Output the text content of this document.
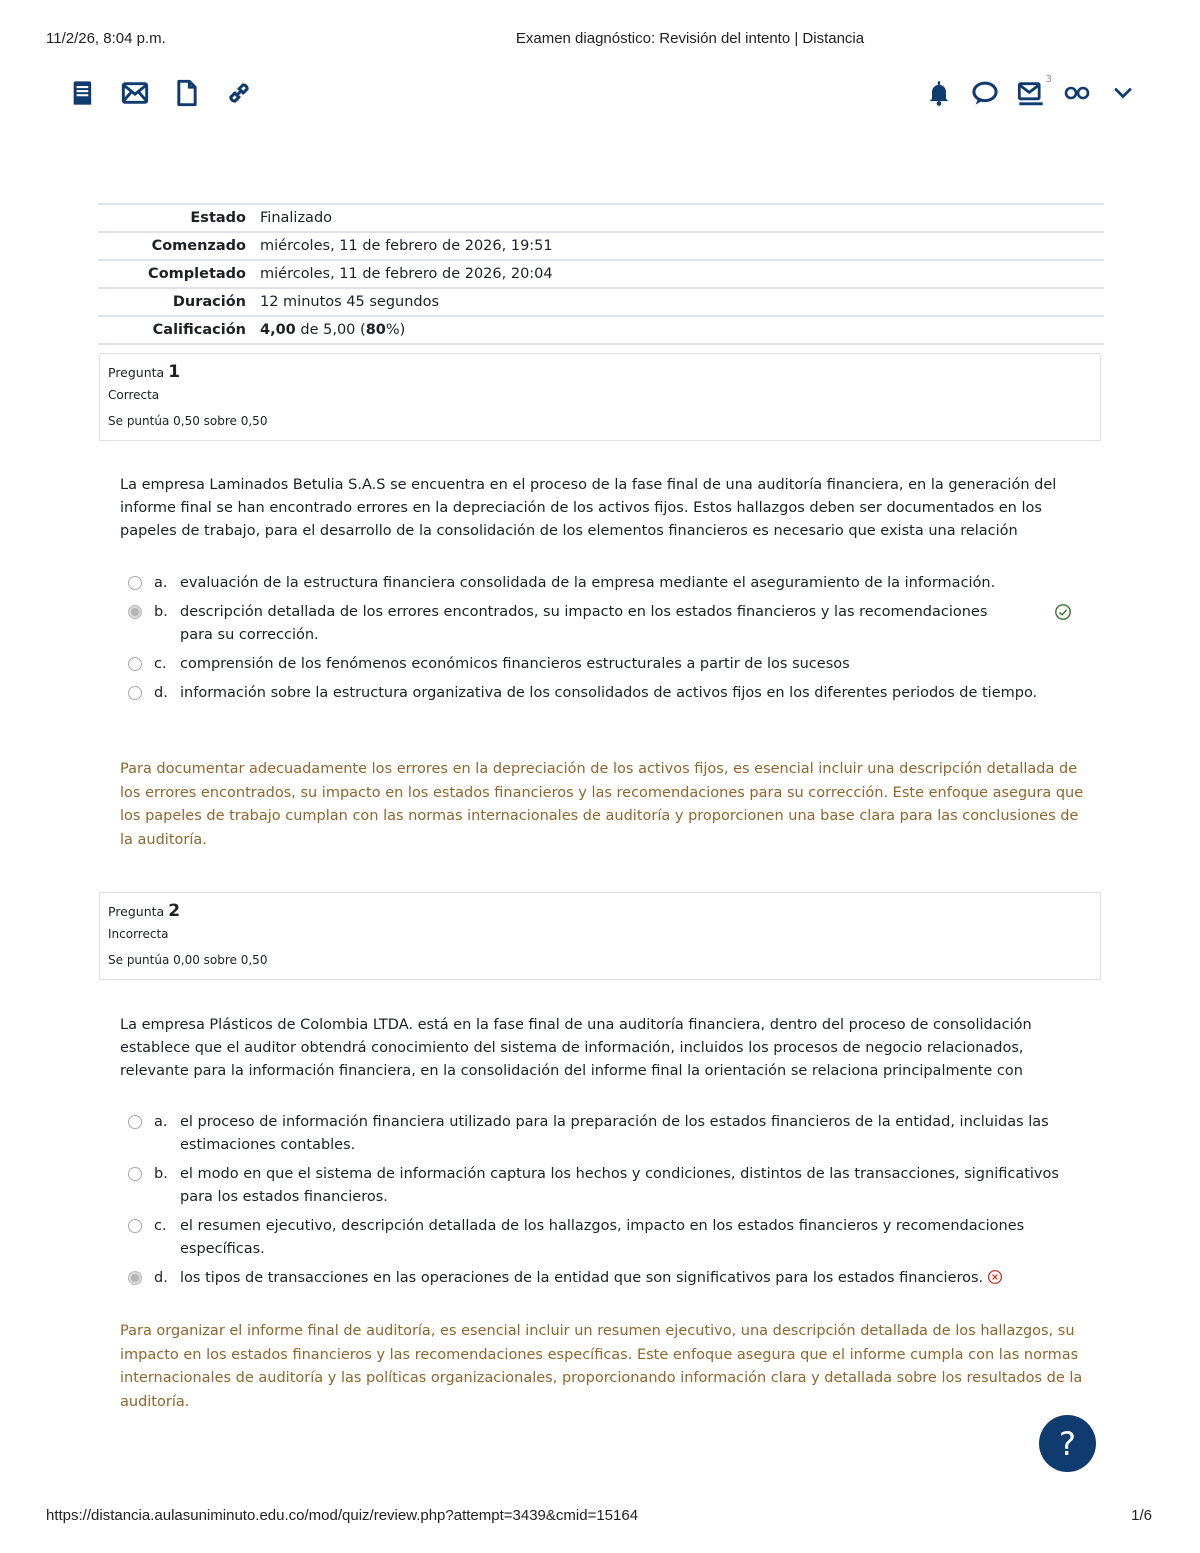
11/2/26, 8:04 p.m.	Examen diagnóstico: Revisión del intento | Distancia
3
Estado Finalizado
Comenzado miércoles, 11 de febrero de 2026, 19:51
Completado miércoles, 11 de febrero de 2026, 20:04
Duración 12 minutos 45 segundos
Calificación 4,00 de 5,00 (80%)
Pregunta 1
Correcta
Se puntúa 0,50 sobre 0,50
La empresa Laminados Betulia S.A.S se encuentra en el proceso de la fase final de una auditoría financiera, en la generación del informe final se han encontrado errores en la depreciación de los activos fijos. Estos hallazgos deben ser documentados en los papeles de trabajo, para el desarrollo de la consolidación de los elementos financieros es necesario que exista una relación
a. evaluación de la estructura financiera consolidada de la empresa mediante el aseguramiento de la información.
b. descripción detallada de los errores encontrados, su impacto en los estados financieros y las recomendaciones para su corrección.
c. comprensión de los fenómenos económicos financieros estructurales a partir de los sucesos
d. información sobre la estructura organizativa de los consolidados de activos fijos en los diferentes periodos de tiempo.
Para documentar adecuadamente los errores en la depreciación de los activos fijos, es esencial incluir una descripción detallada de los errores encontrados, su impacto en los estados financieros y las recomendaciones para su corrección. Este enfoque asegura que los papeles de trabajo cumplan con las normas internacionales de auditoría y proporcionen una base clara para las conclusiones de la auditoría.
Pregunta 2
Incorrecta
Se puntúa 0,00 sobre 0,50
La empresa Plásticos de Colombia LTDA. está en la fase final de una auditoría financiera, dentro del proceso de consolidación establece que el auditor obtendrá conocimiento del sistema de información, incluidos los procesos de negocio relacionados, relevante para la información financiera, en la consolidación del informe final la orientación se relaciona principalmente con
a. el proceso de información financiera utilizado para la preparación de los estados financieros de la entidad, incluidas las estimaciones contables.
b. el modo en que el sistema de información captura los hechos y condiciones, distintos de las transacciones, significativos para los estados financieros.
c. el resumen ejecutivo, descripción detallada de los hallazgos, impacto en los estados financieros y recomendaciones específicas.
d. los tipos de transacciones en las operaciones de la entidad que son significativos para los estados financieros.
Para organizar el informe final de auditoría, es esencial incluir un resumen ejecutivo, una descripción detallada de los hallazgos, su impacto en los estados financieros y las recomendaciones específicas. Este enfoque asegura que el informe cumpla con las normas internacionales de auditoría y las políticas organizacionales, proporcionando información clara y detallada sobre los resultados de la auditoría.
?
https://distancia.aulasuniminuto.edu.co/mod/quiz/review.php?attempt=3439&cmid=15164	1/6
